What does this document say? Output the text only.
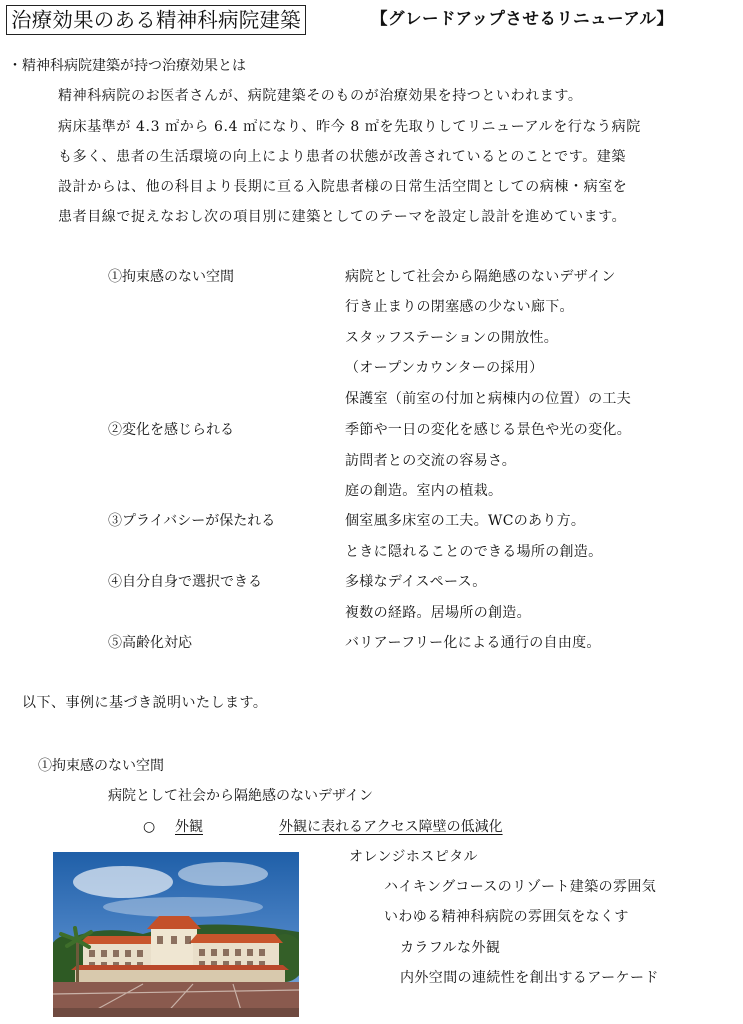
治療効果のある精神科病院建築	【グレードアップさせるリニューアル】
・精神科病院建築が持つ治療効果とは
精神科病院のお医者さんが、病院建築そのものが治療効果を持つといわれます。
病床基準が 4.3 ㎡から 6.4 ㎡になり、昨今 8 ㎡を先取りしてリニューアルを行なう病院
も多く、患者の生活環境の向上により患者の状態が改善されているとのことです。建築
設計からは、他の科目より長期に亘る入院患者様の日常生活空間としての病棟・病室を
患者目線で捉えなおし次の項目別に建築としてのテーマを設定し設計を進めています。
①拘束感のない空間	病院として社会から隔絶感のないデザイン
行き止まりの閉塞感の少ない廊下。
スタッフステーションの開放性。
（オープンカウンターの採用）
保護室（前室の付加と病棟内の位置）の工夫
②変化を感じられる	季節や一日の変化を感じる景色や光の変化。
訪問者との交流の容易さ。
庭の創造。室内の植栽。
③プライバシーが保たれる	個室風多床室の工夫。WCのあり方。
ときに隠れることのできる場所の創造。
④自分自身で選択できる	多様なデイスペース。
複数の経路。居場所の創造。
⑤高齢化対応	バリアーフリー化による通行の自由度。
以下、事例に基づき説明いたします。
①拘束感のない空間
病院として社会から隔絶感のないデザイン
○ 外観	外観に表れるアクセス障壁の低減化
オレンジホスピタル
ハイキングコースのリゾート建築の雰囲気
いわゆる精神科病院の雰囲気をなくす
カラフルな外観
内外空間の連続性を創出するアーケード
